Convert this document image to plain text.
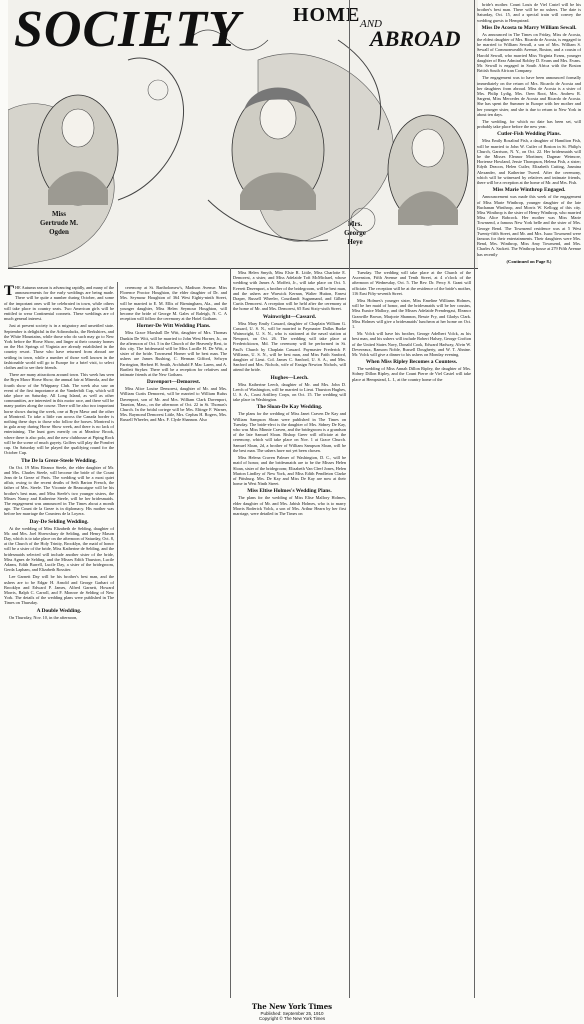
SOCIETY	HOME AND
ABROAD
Miss
Gertrude M.
Ogden
Mrs.
George
Heye

THE Autumn season is advancing rapidly, and many of the announcements for the early weddings are being made. There will be quite a number during October, and some of the important ones will be celebrated in town, while others will take place in country seats. Two American girls will be entitled to wear Continental coronets. These weddings are of much general interest.

Just at present society is in a migratory and unsettled state. September is delightful in the Adirondacks, the Berkshires, and the White Mountains, while those who do such may go to New York before the Horse Show, and linger at their country homes on the Hot Springs of Virginia are already established in the country resort. Those who have returned from abroad are settling in town, while a number of those well known in the fashionable world will go to Europe for a brief visit, to select clothes and to see their friends.

There are many attractions around town. This week has seen the Bryn Mawr Horse Show, the annual fair at Mineola, and the fourth show of the Whippany Club. The week also saw an event of the first importance at the Vanderbilt Cup, which will take place on Saturday. All Long Island, as well as other communities, are interested in this motor race, and there will be many parties along the course. There will be also two important horse shows during the week, one at Bryn Mawr and the other at Montreal. To take a little run across the Canada border is nothing these days to those who follow the horses. Montreal is in gala array during Horse Show week, and there is no lack of entertaining. The hunt goes merrily on at Meadow Brook, where there is also polo, and the new clubhouse at Piping Rock will be the scene of much gayety. Golfers will play the Pomfret cup. On Saturday will be played the qualifying round for the October Cup.

The De la Greze-Steele Wedding.

On Oct. 19 Miss Eleanor Steele, the elder daughter of Mr. and Mrs. Charles Steele, will become the bride of the Count Jean de la Greze of Paris. The wedding will be a most quiet affair, owing to the recent deaths of Seth Barton French, the father of Mrs. Steele. The Vicomte de Beaucaigne will be his brother's best man, and Miss Steele's two younger sisters, the Misses Nancy and Katherine Steele, will be her bridesmaids. The engagement was announced in The Times about a month ago. The Count de la Greze is in diplomacy. His mother was before her marriage the Countess de la Loyera.

Day-De Selding Wedding.

At the wedding of Miss Elizabeth de Selding, daughter of Mr. and Mrs. Joel Shrewsbury de Selding, and Henry Mason Day, which is to take place on the afternoon of Saturday, Oct. 8, at the Church of the Holy Trinity, Brooklyn, the maid of honor will be a sister of the bride, Miss Katherine de Selding, and the bridesmaids selected will include another sister of the bride, Miss Agnes de Selding, and the Misses Edith Thurston, Lucile Adams, Edith Burrell, Lucile Day, a sister of the bridegroom, Gerda Lapham, and Elizabeth Rossiter.

Lee Garnett Day will be his brother's best man, and the ushers are to be Edgar H. Arnold and George Garhart of Brooklyn and Edward P. James, Alfred Garnett, Howard Morris, Ralph C. Carroll, and F. Monroe de Selding of New York. The details of the wedding plans were published in The Times on Thursday.

A Double Wedding.

On Thursday, Nov. 10, in the afternoon,

ceremony at St. Bartholomew's, Madison Avenue. Miss Florence Proctor Houghton, the elder daughter of Dr. and Mrs. Seymour Houghton of 364 West Eighty-ninth Street, will be married to E. M. Ellis of Birmingham, Ala., and the younger daughter, Miss Helen Seymour Houghton, will become the bride of George M. Gales of Raleigh, N. C. A reception will follow the ceremony at the Hotel Gotham.

Horner-De Witt Wedding Plans.

Miss Grace Marshall De Witt, daughter of Mrs. Thomas Dunkin De Witt, will be married to John West Horner, Jr., on the afternoon of Oct. 5 in the Church of the Heavenly Rest, to this city. The bridesmaid will be Miss Lucille H. De Witt, a sister of the bride. Townsend Horner will be best man. The ushers are James Rushing, C. Herman Gifford, Selwyn Farrington, Herbert H. Smith, Archibald P. Mac Laren, and A. Bartlett Stryker. There will be a reception for relatives and intimate friends at the New Gotham.

Davenport—Demorest.

Miss Alice Louise Demorest, daughter of Mr. and Mrs. William Curtis Demorest, will be married to William Rufus Davenport, son of Mr. and Mrs. William Clark Davenport, Taunton, Mass., on the afternoon of Oct. 22 in St. Thomas's Church. In the bridal cortege will be Mrs. Eltinge F. Warner, Mrs. Raymond Demorest Little, Mrs. Cephas H. Rogers, Mrs. Russell Wheeler, and Mrs. F. Clyde Shannon. Also

Miss Helen Smyth, Miss Elsie R. Little, Miss Charlotte E. Demorest, a sister, and Miss Adelaide Toft McMichael, whose wedding with James A. Moffett, Jr., will take place on Oct. 5. Everett Davenport, a brother of the bridegroom, will be best man, and the ushers are Warwick Kernan, Walter Hutton, Ernest Draper, Russell Wheeler, Courtlandt Sugarmand, and Gilbert Curtis Demorest. A reception will be held after the ceremony at the home of Mr. and Mrs. Demorest, 65 East Sixty-sixth Street.

Wainwright—Cassard.

Miss Mary Emily Cassard, daughter of Chaplain William G. Cassard, U. S. N., will be married to Paymaster Dallas Burke Wainwright, U. S. N., who is stationed at the naval station at Newport, on Oct. 26. The wedding will take place at Fredericktown, Md. The ceremony will be performed in St. Paul's Church by Chaplain Cassard. Paymaster Frederick P. Williams, U. S. N., will be best man, and Miss Faith Sanford, daughter of Lieut. Col. James C. Sanford, U. S. A., and Mrs. Sanford and Mrs. Nichols, wife of Ensign Newton Nichols, will attend the bride.

Hughes—Leech.

Miss Katherine Leech, daughter of Mr. and Mrs. John D. Leech of Washington, will be married to Lieut. Thurston Hughes, U. S. A., Coast Artillery Corps, on Oct. 15. The wedding will take place in Washington.

The Sloan-De Kay Wedding.

The plans for the wedding of Miss Janet Craven De Kay and William Sampson Sloan were published in The Times on Tuesday. The bride-elect is the daughter of Mrs. Sidney De Kay, who was Miss Minnie Craven, and the bridegroom is a grandson of the late Samuel Sloan. Bishop Greer will officiate at the ceremony, which will take place on Nov. 1 at Grace Church. Samuel Sloan, 2d, a brother of William Sampson Sloan, will be the best man. The ushers have not yet been chosen.

Miss Helena Craven Palmer of Washington, D. C., will be maid of honor, and the bridesmaids are to be the Misses Helen Sloan, sister of the bridegroom; Elizabeth Van Cleef Jones, Helen Marion Lindley of New York, and Miss Edith Pendleton Clarke of Pittsburg. Mrs. De Kay and Miss De Kay are now at their home in West Ninth Street.

Miss Eltise Holmes's Wedding Plans.

The plans for the wedding of Miss Elise Mallory Holmes, elder daughter of Mr. and Mrs. Jabish Holmes, who is to marry Morris Roderick Volck, a son of Mrs. Arthur Hearn by her first marriage, were detailed in The Times on

Tuesday. The wedding will take place at the Church of the Ascension, Fifth Avenue and Tenth Street, at 4 o'clock of the afternoon of Wednesday, Oct. 5. The Rev. Dr. Percy S. Grant will officiate. The reception will be at the residence of the bride's mother, 116 East Fifty-seventh Street.

Miss Holmes's younger sister, Miss Emeline Williams Holmes, will be her maid of honor, and the bridesmaids will be her cousins, Miss Eunice Mallory, and the Misses Adelaide Prendergast, Eleanor Granville Brown, Marjorie Shannon, Bessie Fry, and Gladys Clark. Miss Holmes will give a bridesmaids' luncheon at her home on Oct. 1.

Mr. Volck will have his brother, George Adelbert Volck, as his best man, and his ushers will include Robert Halsey, George Crofton of the United States Navy, Donald Cook, Edward Hadway, Alvin W. Devereaux, Ransom Noble, Russell Dougherty, and W. T. Ahnine. Mr. Volck will give a dinner to his ushers on Monday evening.

When Miss Ripley Becomes a Countess.

The wedding of Miss Annah Dillon Ripley, the daughter of Mrs. Sidney Dillon Ripley, and the Count Pierre de Viel Castel will take place at Hempstead, L. I., at the country home of the

bride's mother. Count Louis de Viel Castel will be his brother's best man. There will be no ushers. The date is Saturday, Oct. 15, and a special train will convey the wedding guests to Hempstead.

Miss De Acosta to Marry William Sewall.

As announced in The Times on Friday, Miss de Acosta, the eldest daughter of Mrs. Ricardo de Acosta, is engaged to be married to William Sewall, a son of Mrs. William S. Sewall of Commonwealth Avenue, Boston, and a cousin of Harold Sewall, who married Miss Virginia Evans, younger daughter of Rear Admiral Robley D. Evans and Mrs. Evans. Mr. Sewall is engaged in South Africa with the Boston British South African Company.

The engagement was to have been announced formally immediately on the return of Mrs. Ricardo de Acosta and her daughters from abroad. Miss de Acosta is a sister of Mrs. Philip Lydig, Mrs. Oren Root, Mrs. Andrew R. Sargent, Miss Mercedes de Acosta and Ricardo de Acosta. She has spent the Summer in Europe with her mother and her younger sister, and she is due to return to New York in about ten days.

The wedding, for which no date has been set, will probably take place before the new year.

Cutler-Fish Wedding Plans.

Miss Emily Rosalind Fish, a daughter of Hamilton Fish, will be married to John W. Cutler of Boston in St. Philip's Church, Garrison, N. Y., on Oct. 22. Her bridesmaids will be the Misses Eleanor Mortimer, Dagmar Wetmore, Hortense Howland, Jessie Thompson, Helena Fish, a sister; Edyth Deacon, Helen Cutler, Elizabeth Cutting, Jasmina Alexander, and Katherine Tweed. After the ceremony, which will be witnessed by relatives and intimate friends, there will be a reception at the home of Mr. and Mrs. Fish.

Miss Marie Winthrop Engaged.

Announcement was made this week of the engagement of Miss Marie Winthrop, younger daughter of the late Buchanan Winthrop, and Morris W. Kellogg of this city. Miss Winthrop is the sister of Henry Winthrop, who married Miss Alice Babcock. Her mother was Miss Marie Townsend, a famous New York belle and the sister of Mrs. George Bend. The Townsend residence was at 5 West Twenty-fifth Street, and Mr. and Mrs. Isaac Townsend were famous for their entertainments. Their daughters were Mrs. Bend, Mrs. Winthrop, Miss Amy Townsend, and Mrs. Charles A. Sackett. The Winthrop house at 279 Fifth Avenue has recently

(Continued on Page 8.)
The New York Times
Published: September 25, 1910
Copyright © The New York Times
